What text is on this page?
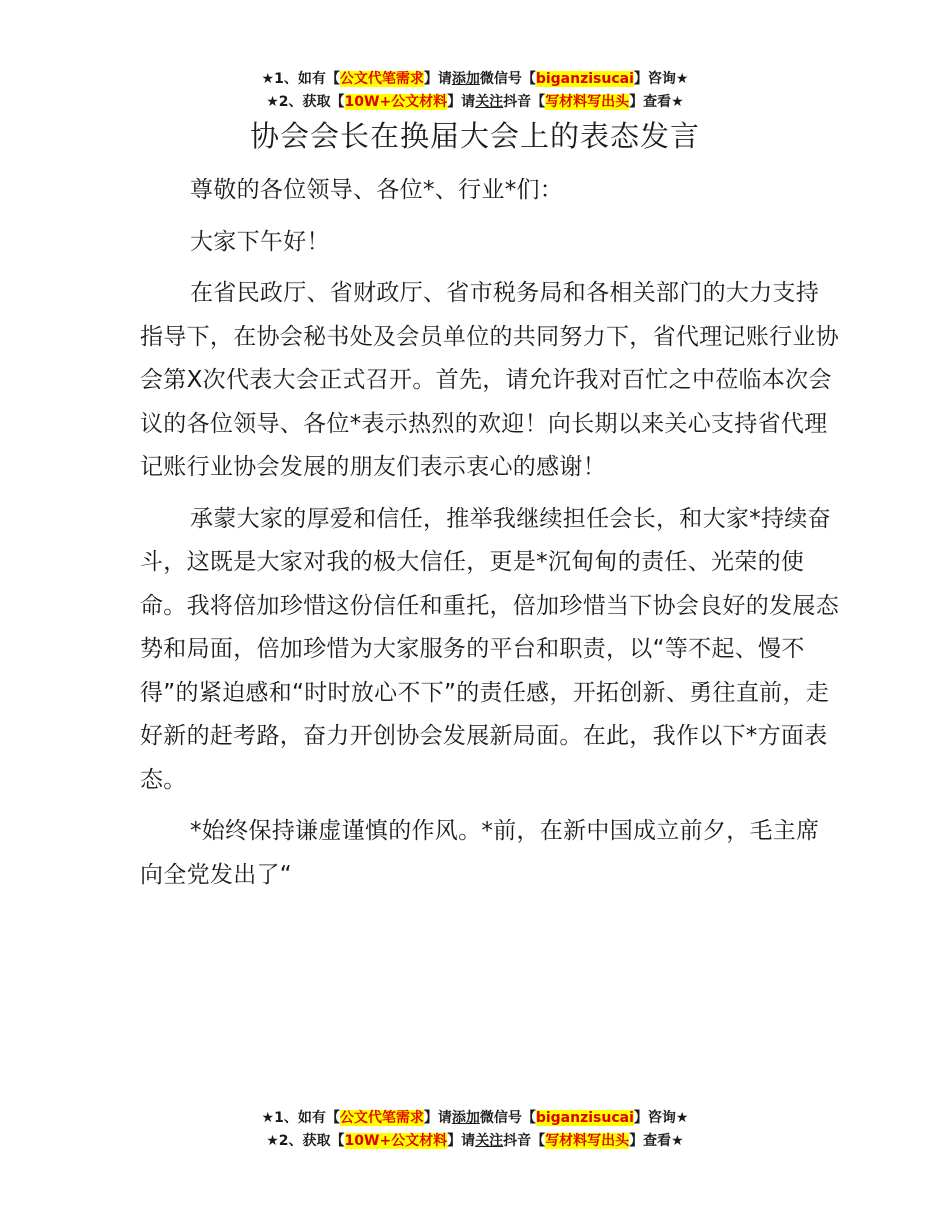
★1、如有【公文代笔需求】请添加微信号【biganzisucai】咨询★
★2、获取【10W+公文材料】请关注抖音【写材料写出头】查看★
协会会长在换届大会上的表态发言

尊敬的各位领导、各位*、行业*们：

大家下午好！

在省民政厅、省财政厅、省市税务局和各相关部门的大力支持指导下，在协会秘书处及会员单位的共同努力下，省代理记账行业协会第Ⅹ次代表大会正式召开。首先，请允许我对百忙之中莅临本次会议的各位领导、各位*表示热烈的欢迎！向长期以来关心支持省代理记账行业协会发展的朋友们表示衷心的感谢！

承蒙大家的厚爱和信任，推举我继续担任会长，和大家*持续奋斗，这既是大家对我的极大信任，更是*沉甸甸的责任、光荣的使命。我将倍加珍惜这份信任和重托，倍加珍惜当下协会良好的发展态势和局面，倍加珍惜为大家服务的平台和职责，以“等不起、慢不得”的紧迫感和“时时放心不下”的责任感，开拓创新、勇往直前，走好新的赶考路，奋力开创协会发展新局面。在此，我作以下*方面表态。

*始终保持谦虚谨慎的作风。*前，在新中国成立前夕，毛主席向全党发出了“

★1、如有【公文代笔需求】请添加微信号【biganzisucai】咨询★
★2、获取【10W+公文材料】请关注抖音【写材料写出头】查看★
